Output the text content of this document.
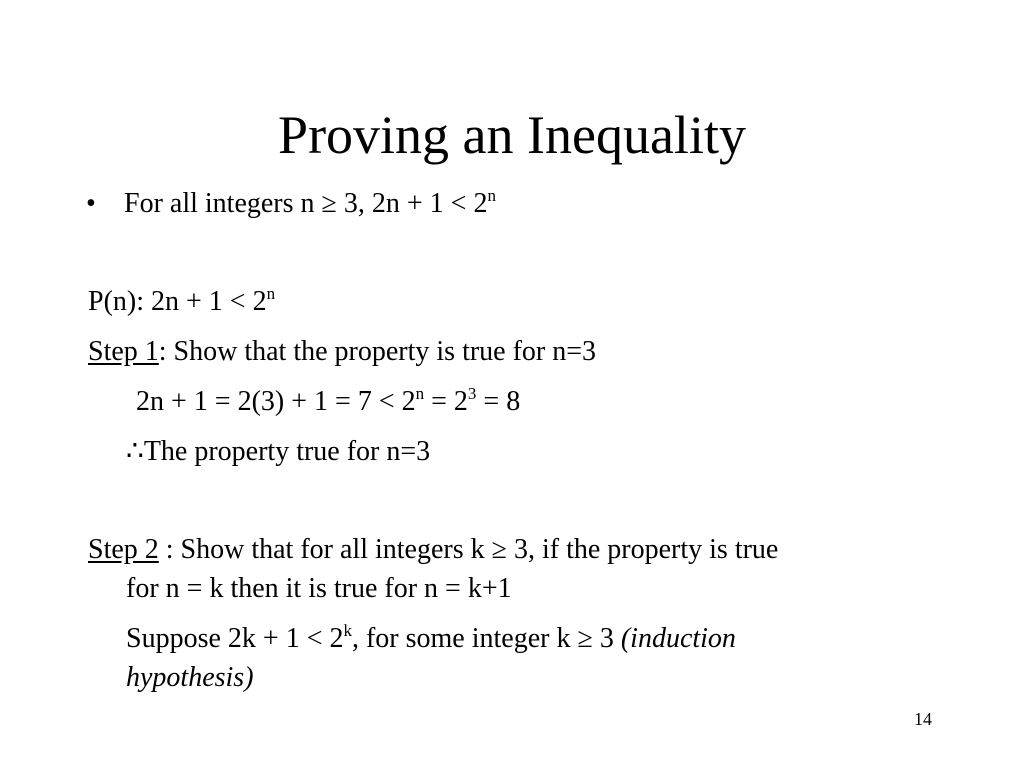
Proving an Inequality
• For all integers n ≥ 3, $2n + 1 < 2^n$
P(n): $2n + 1 < 2^n$
Step 1: Show that the property is true for n=3
$2n + 1 = 2(3) + 1 = 7 < 2^n = 2^3 = 8$
∴The property true for n=3
Step 2 : Show that for all integers k ≥ 3, if the property is true
for n = k then it is true for n = k+1
Suppose $2k + 1 < 2^k$, for some integer k ≥ 3 (induction
hypothesis)
14
